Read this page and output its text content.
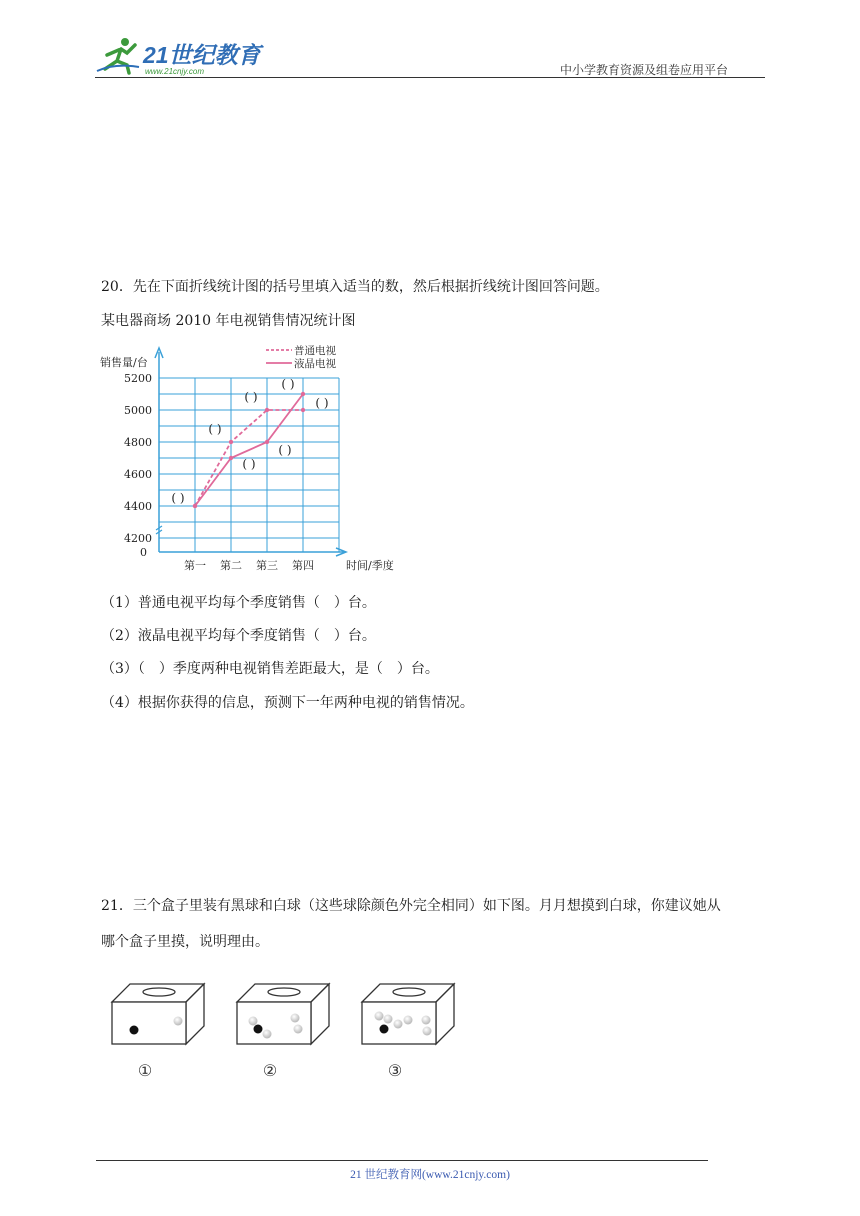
21世纪教育
www.21cnjy.com	中小学教育资源及组卷应用平台
20．先在下面折线统计图的括号里填入适当的数，然后根据折线统计图回答问题。
某电器商场 2010 年电视销售情况统计图
销售量/台
时间/季度
普通电视
液晶电视
5200
5000
4800
4600
4400
4200
0
第一 第二 第三 第四
( )
( )
( )	( )
( )
( )
( )
（1）普通电视平均每个季度销售（　）台。
（2）液晶电视平均每个季度销售（　）台。
（3）（　）季度两种电视销售差距最大，是（　）台。
（4）根据你获得的信息，预测下一年两种电视的销售情况。
21．三个盒子里装有黑球和白球（这些球除颜色外完全相同）如下图。月月想摸到白球，你建议她从
哪个盒子里摸，说明理由。
①	②	③
21 世纪教育网(www.21cnjy.com)
